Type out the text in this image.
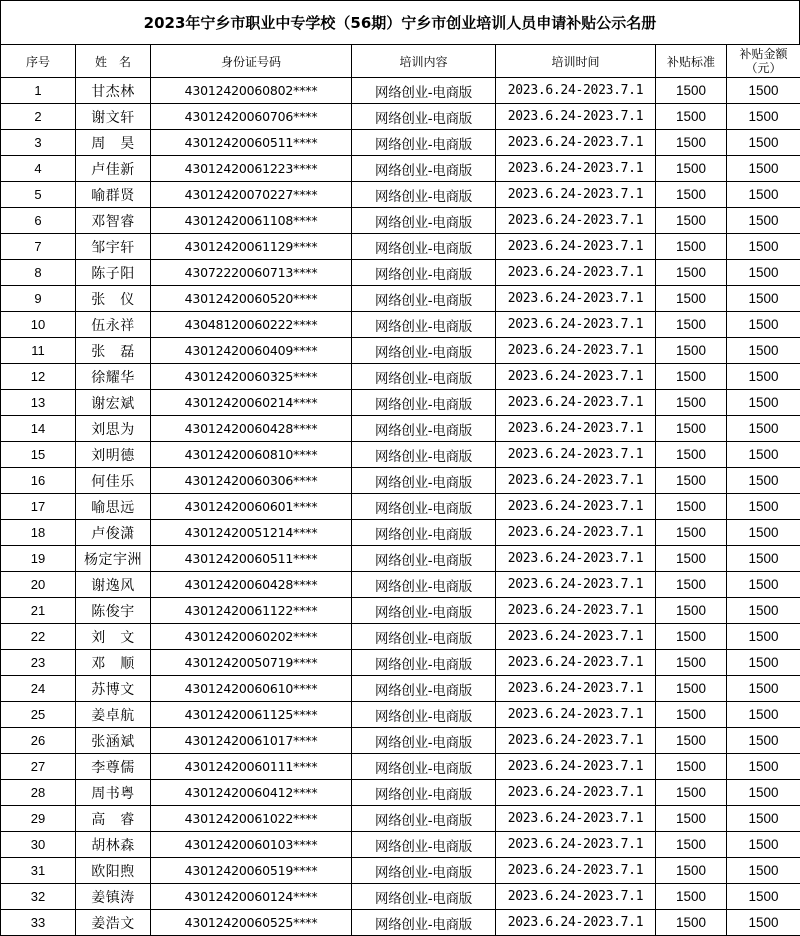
2023年宁乡市职业中专学校（56期）宁乡市创业培训人员申请补贴公示名册
序号	姓　名	身份证号码	培训内容	培训时间	补贴标准	补贴金额
（元）

1	甘杰林	43012420060802****	网络创业-电商版	2023.6.24-2023.7.1	1500	1500
2	谢文轩	43012420060706****	网络创业-电商版	2023.6.24-2023.7.1	1500	1500
3	周　昊	43012420060511****	网络创业-电商版	2023.6.24-2023.7.1	1500	1500
4	卢佳新	43012420061223****	网络创业-电商版	2023.6.24-2023.7.1	1500	1500
5	喻群贤	43012420070227****	网络创业-电商版	2023.6.24-2023.7.1	1500	1500
6	邓智睿	43012420061108****	网络创业-电商版	2023.6.24-2023.7.1	1500	1500
7	邹宇轩	43012420061129****	网络创业-电商版	2023.6.24-2023.7.1	1500	1500
8	陈子阳	43072220060713****	网络创业-电商版	2023.6.24-2023.7.1	1500	1500
9	张　仪	43012420060520****	网络创业-电商版	2023.6.24-2023.7.1	1500	1500
10	伍永祥	43048120060222****	网络创业-电商版	2023.6.24-2023.7.1	1500	1500
11	张　磊	43012420060409****	网络创业-电商版	2023.6.24-2023.7.1	1500	1500
12	徐耀华	43012420060325****	网络创业-电商版	2023.6.24-2023.7.1	1500	1500
13	谢宏斌	43012420060214****	网络创业-电商版	2023.6.24-2023.7.1	1500	1500
14	刘思为	43012420060428****	网络创业-电商版	2023.6.24-2023.7.1	1500	1500
15	刘明德	43012420060810****	网络创业-电商版	2023.6.24-2023.7.1	1500	1500
16	何佳乐	43012420060306****	网络创业-电商版	2023.6.24-2023.7.1	1500	1500
17	喻思远	43012420060601****	网络创业-电商版	2023.6.24-2023.7.1	1500	1500
18	卢俊潇	43012420051214****	网络创业-电商版	2023.6.24-2023.7.1	1500	1500
19	杨定宇洲	43012420060511****	网络创业-电商版	2023.6.24-2023.7.1	1500	1500
20	谢逸风	43012420060428****	网络创业-电商版	2023.6.24-2023.7.1	1500	1500
21	陈俊宇	43012420061122****	网络创业-电商版	2023.6.24-2023.7.1	1500	1500
22	刘　文	43012420060202****	网络创业-电商版	2023.6.24-2023.7.1	1500	1500
23	邓　顺	43012420050719****	网络创业-电商版	2023.6.24-2023.7.1	1500	1500
24	苏博文	43012420060610****	网络创业-电商版	2023.6.24-2023.7.1	1500	1500
25	姜卓航	43012420061125****	网络创业-电商版	2023.6.24-2023.7.1	1500	1500
26	张涵斌	43012420061017****	网络创业-电商版	2023.6.24-2023.7.1	1500	1500
27	李尊儒	43012420060111****	网络创业-电商版	2023.6.24-2023.7.1	1500	1500
28	周书粤	43012420060412****	网络创业-电商版	2023.6.24-2023.7.1	1500	1500
29	高　睿	43012420061022****	网络创业-电商版	2023.6.24-2023.7.1	1500	1500
30	胡林森	43012420060103****	网络创业-电商版	2023.6.24-2023.7.1	1500	1500
31	欧阳煦	43012420060519****	网络创业-电商版	2023.6.24-2023.7.1	1500	1500
32	姜镇涛	43012420060124****	网络创业-电商版	2023.6.24-2023.7.1	1500	1500
33	姜浩文	43012420060525****	网络创业-电商版	2023.6.24-2023.7.1	1500	1500
